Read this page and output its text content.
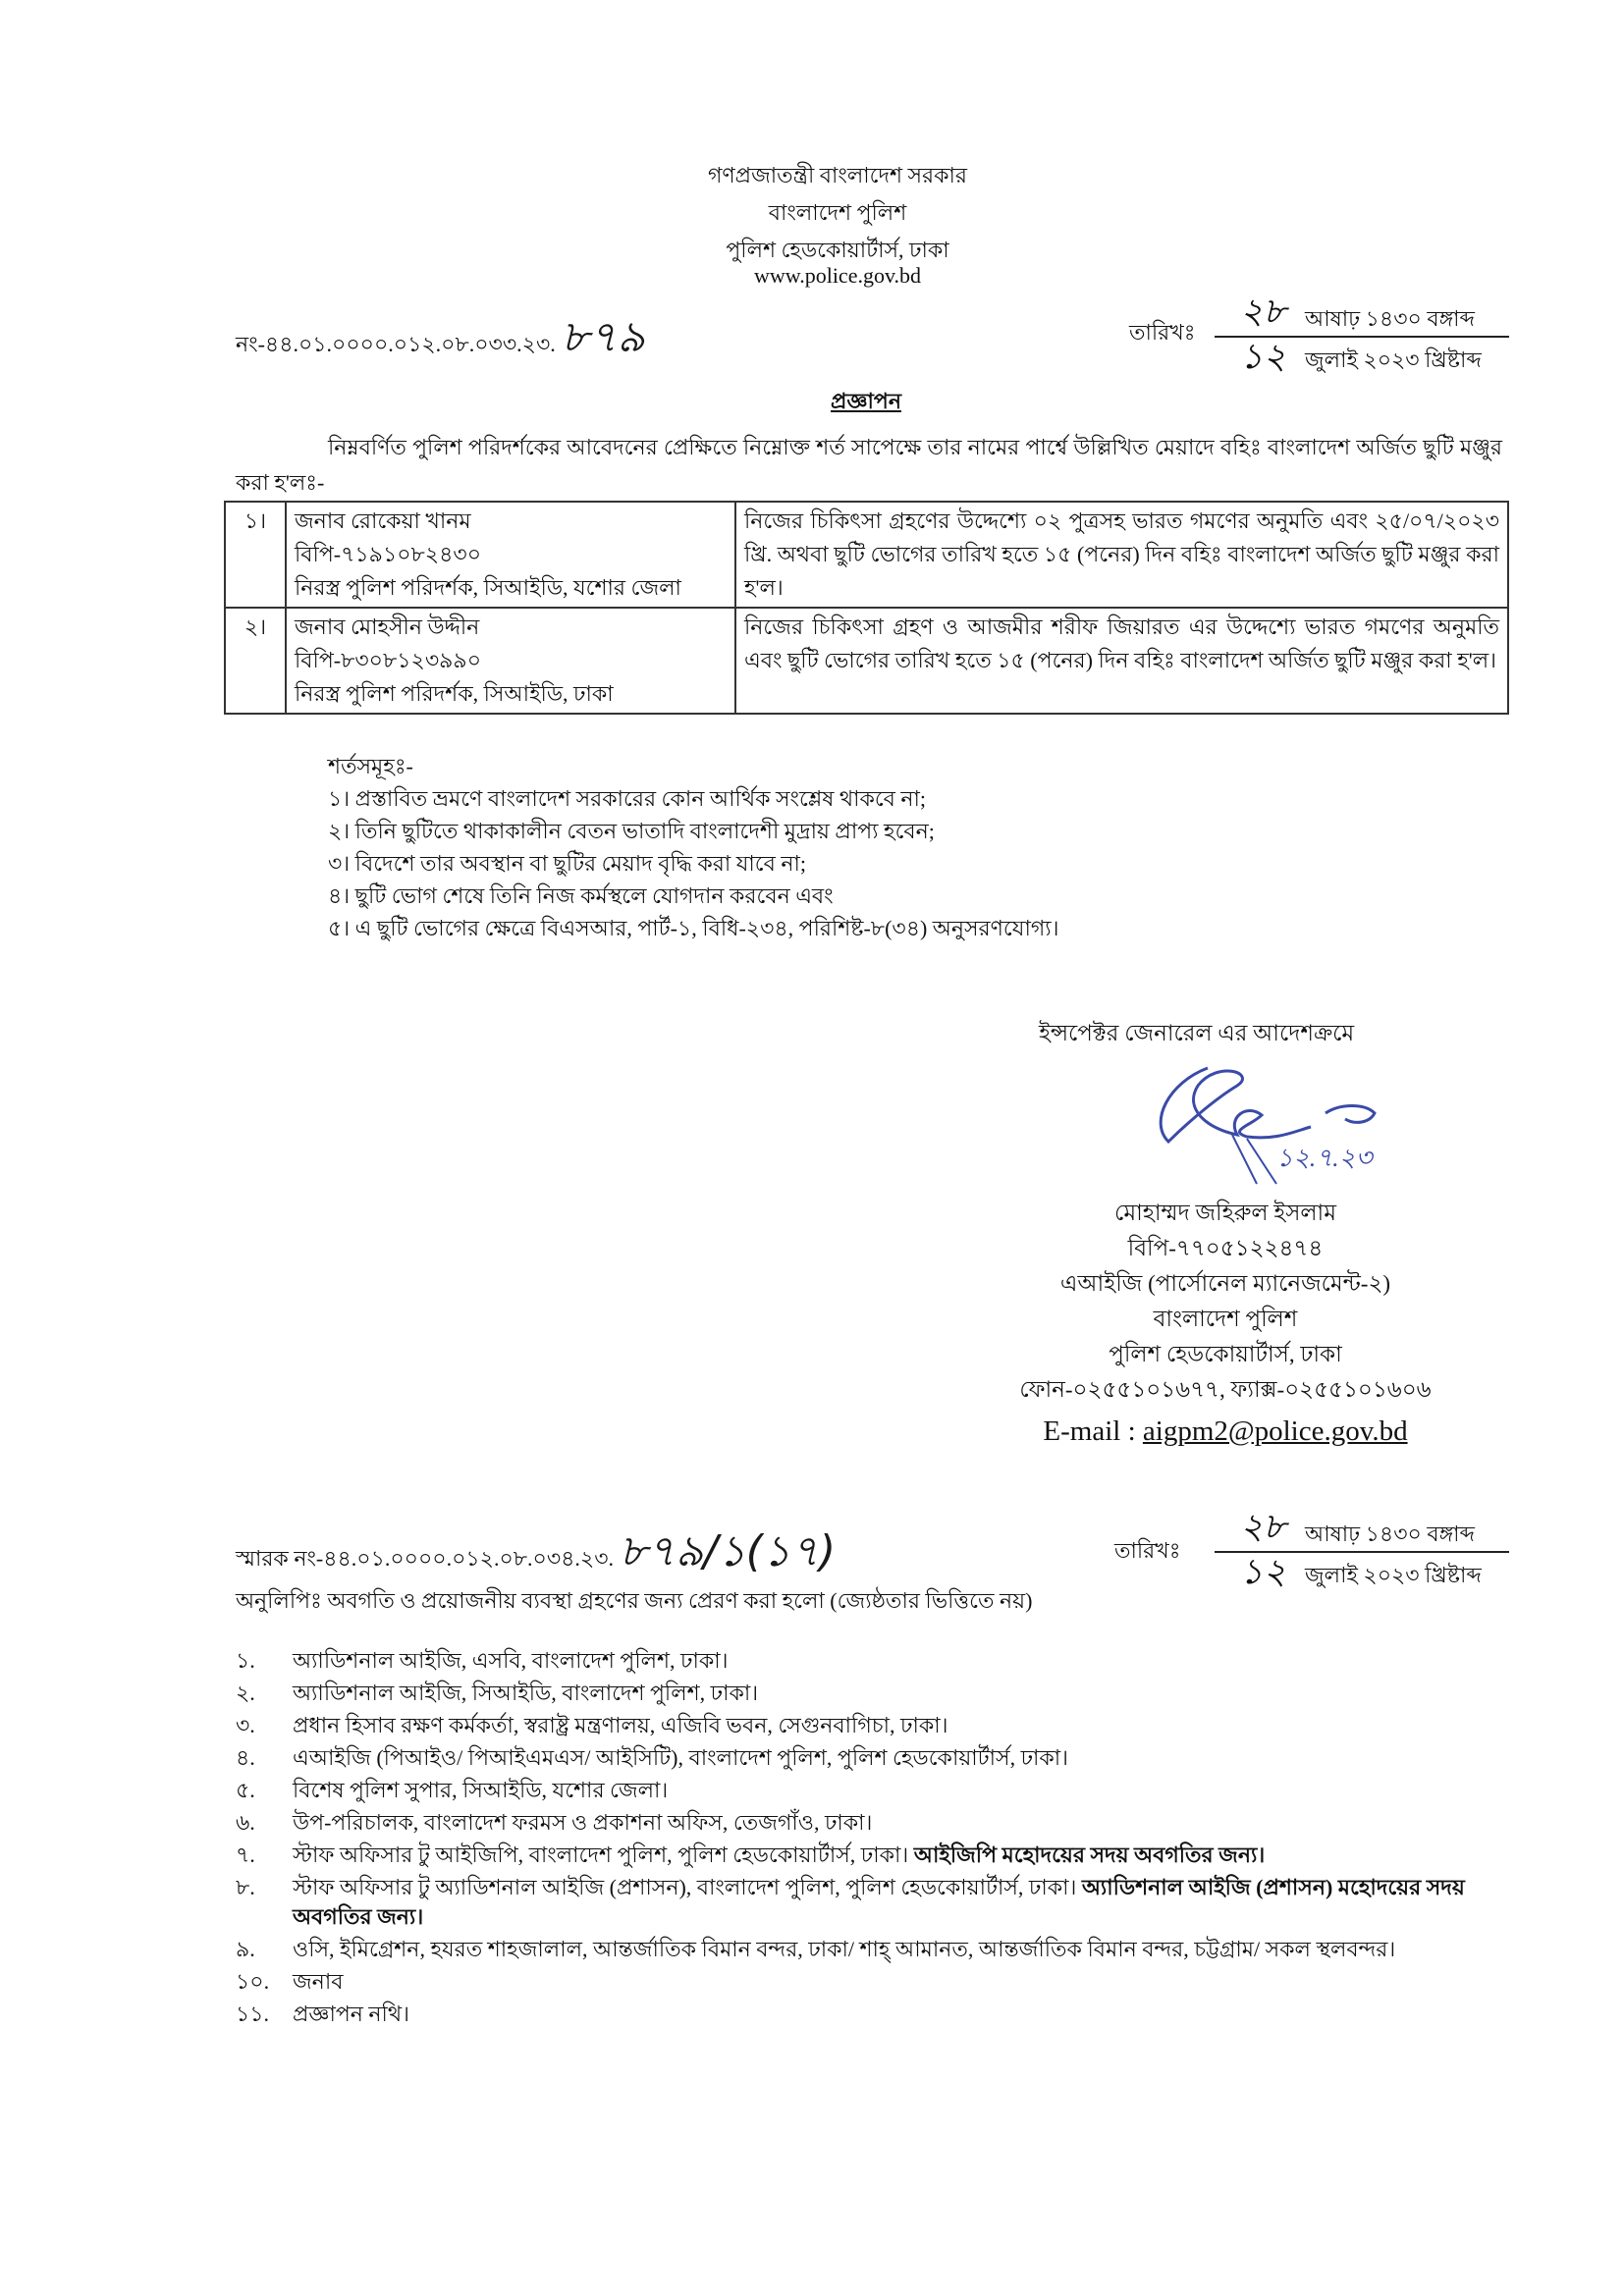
গণপ্রজাতন্ত্রী বাংলাদেশ সরকার
বাংলাদেশ পুলিশ
পুলিশ হেডকোয়ার্টার্স, ঢাকা
www.police.gov.bd
নং-৪৪.০১.০০০০.০১২.০৮.০৩৩.২৩. ৮৭৯	তারিখঃ
২৮ আষাঢ় ১৪৩০ বঙ্গাব্দ
১২ জুলাই ২০২৩ খ্রিষ্টাব্দ
প্রজ্ঞাপন
নিম্নবর্ণিত পুলিশ পরিদর্শকের আবেদনের প্রেক্ষিতে নিম্নোক্ত শর্ত সাপেক্ষে তার নামের পার্শ্বে উল্লিখিত মেয়াদে বহিঃ বাংলাদেশ অর্জিত ছুটি মঞ্জুর করা হ'লঃ-
১।	জনাব রোকেয়া খানম
বিপি-৭১৯১০৮২৪৩০
নিরস্ত্র পুলিশ পরিদর্শক, সিআইডি, যশোর জেলা	নিজের চিকিৎসা গ্রহণের উদ্দেশ্যে ০২ পুত্রসহ ভারত গমণের অনুমতি এবং ২৫/০৭/২০২৩ খ্রি. অথবা ছুটি ভোগের তারিখ হতে ১৫ (পনের) দিন বহিঃ বাংলাদেশ অর্জিত ছুটি মঞ্জুর করা হ'ল।
২।	জনাব মোহসীন উদ্দীন
বিপি-৮৩০৮১২৩৯৯০
নিরস্ত্র পুলিশ পরিদর্শক, সিআইডি, ঢাকা	নিজের চিকিৎসা গ্রহণ ও আজমীর শরীফ জিয়ারত এর উদ্দেশ্যে ভারত গমণের অনুমতি এবং ছুটি ভোগের তারিখ হতে ১৫ (পনের) দিন বহিঃ বাংলাদেশ অর্জিত ছুটি মঞ্জুর করা হ'ল।
শর্তসমূহঃ-
১। প্রস্তাবিত ভ্রমণে বাংলাদেশ সরকারের কোন আর্থিক সংশ্লেষ থাকবে না;
২। তিনি ছুটিতে থাকাকালীন বেতন ভাতাদি বাংলাদেশী মুদ্রায় প্রাপ্য হবেন;
৩। বিদেশে তার অবস্থান বা ছুটির মেয়াদ বৃদ্ধি করা যাবে না;
৪। ছুটি ভোগ শেষে তিনি নিজ কর্মস্থলে যোগদান করবেন এবং
৫। এ ছুটি ভোগের ক্ষেত্রে বিএসআর, পার্ট-১, বিধি-২৩৪, পরিশিষ্ট-৮(৩৪) অনুসরণযোগ্য।
ইন্সপেক্টর জেনারেল এর আদেশক্রমে
১২.৭.২৩
মোহাম্মদ জহিরুল ইসলাম
বিপি-৭৭০৫১২২৪৭৪
এআইজি (পার্সোনেল ম্যানেজমেন্ট-২)
বাংলাদেশ পুলিশ
পুলিশ হেডকোয়ার্টার্স, ঢাকা
ফোন-০২৫৫১০১৬৭৭, ফ্যাক্স-০২৫৫১০১৬০৬
E-mail : aigpm2@police.gov.bd
স্মারক নং-৪৪.০১.০০০০.০১২.০৮.০৩৪.২৩. ৮৭৯/১(১৭)	তারিখঃ
২৮ আষাঢ় ১৪৩০ বঙ্গাব্দ
১২ জুলাই ২০২৩ খ্রিষ্টাব্দ
অনুলিপিঃ অবগতি ও প্রয়োজনীয় ব্যবস্থা গ্রহণের জন্য প্রেরণ করা হলো (জ্যেষ্ঠতার ভিত্তিতে নয়)
১. অ্যাডিশনাল আইজি, এসবি, বাংলাদেশ পুলিশ, ঢাকা।
২. অ্যাডিশনাল আইজি, সিআইডি, বাংলাদেশ পুলিশ, ঢাকা।
৩. প্রধান হিসাব রক্ষণ কর্মকর্তা, স্বরাষ্ট্র মন্ত্রণালয়, এজিবি ভবন, সেগুনবাগিচা, ঢাকা।
৪. এআইজি (পিআইও/ পিআইএমএস/ আইসিটি), বাংলাদেশ পুলিশ, পুলিশ হেডকোয়ার্টার্স, ঢাকা।
৫. বিশেষ পুলিশ সুপার, সিআইডি, যশোর জেলা।
৬. উপ-পরিচালক, বাংলাদেশ ফরমস ও প্রকাশনা অফিস, তেজগাঁও, ঢাকা।
৭. স্টাফ অফিসার টু আইজিপি, বাংলাদেশ পুলিশ, পুলিশ হেডকোয়ার্টার্স, ঢাকা। আইজিপি মহোদয়ের সদয় অবগতির জন্য।
৮. স্টাফ অফিসার টু অ্যাডিশনাল আইজি (প্রশাসন), বাংলাদেশ পুলিশ, পুলিশ হেডকোয়ার্টার্স, ঢাকা। অ্যাডিশনাল আইজি (প্রশাসন) মহোদয়ের সদয় অবগতির জন্য।
৯. ওসি, ইমিগ্রেশন, হযরত শাহজালাল, আন্তর্জাতিক বিমান বন্দর, ঢাকা/ শাহ্ আমানত, আন্তর্জাতিক বিমান বন্দর, চট্টগ্রাম/ সকল স্থলবন্দর।
১০. জনাব
১১. প্রজ্ঞাপন নথি।
